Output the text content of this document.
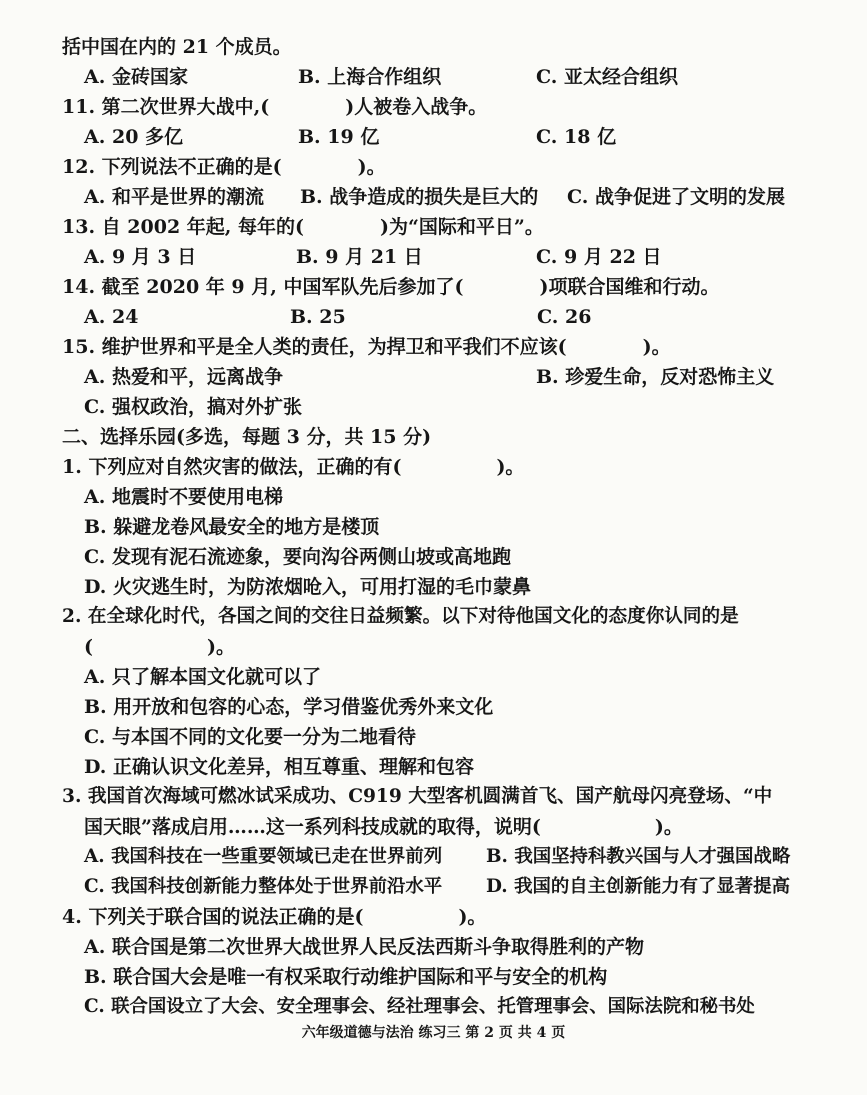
括中国在内的 21 个成员。
A. 金砖国家	B. 上海合作组织	C. 亚太经合组织
11. 第二次世界大战中,(　　　　)人被卷入战争。
A. 20 多亿	B. 19 亿	C. 18 亿
12. 下列说法不正确的是(　　　　)。
A. 和平是世界的潮流	B. 战争造成的损失是巨大的	C. 战争促进了文明的发展
13. 自 2002 年起, 每年的(　　　　)为“国际和平日”。
A. 9 月 3 日	B. 9 月 21 日	C. 9 月 22 日
14. 截至 2020 年 9 月, 中国军队先后参加了(　　　　)项联合国维和行动。
A. 24	B. 25	C. 26
15. 维护世界和平是全人类的责任，为捍卫和平我们不应该(　　　　)。
A. 热爱和平，远离战争	B. 珍爱生命，反对恐怖主义
C. 强权政治，搞对外扩张
二、选择乐园(多选，每题 3 分，共 15 分)
1. 下列应对自然灾害的做法，正确的有(　　　　　)。
A. 地震时不要使用电梯
B. 躲避龙卷风最安全的地方是楼顶
C. 发现有泥石流迹象，要向沟谷两侧山坡或高地跑
D. 火灾逃生时，为防浓烟呛入，可用打湿的毛巾蒙鼻
2. 在全球化时代，各国之间的交往日益频繁。以下对待他国文化的态度你认同的是
(　　　　　　)。
A. 只了解本国文化就可以了
B. 用开放和包容的心态，学习借鉴优秀外来文化
C. 与本国不同的文化要一分为二地看待
D. 正确认识文化差异，相互尊重、理解和包容
3. 我国首次海域可燃冰试采成功、C919 大型客机圆满首飞、国产航母闪亮登场、“中
国天眼”落成启用……这一系列科技成就的取得，说明(　　　　　　)。
A. 我国科技在一些重要领域已走在世界前列	B. 我国坚持科教兴国与人才强国战略
C. 我国科技创新能力整体处于世界前沿水平	D. 我国的自主创新能力有了显著提高
4. 下列关于联合国的说法正确的是(　　　　　)。
A. 联合国是第二次世界大战世界人民反法西斯斗争取得胜利的产物
B. 联合国大会是唯一有权采取行动维护国际和平与安全的机构
C. 联合国设立了大会、安全理事会、经社理事会、托管理事会、国际法院和秘书处
六年级道德与法治 练习三 第 2 页 共 4 页
